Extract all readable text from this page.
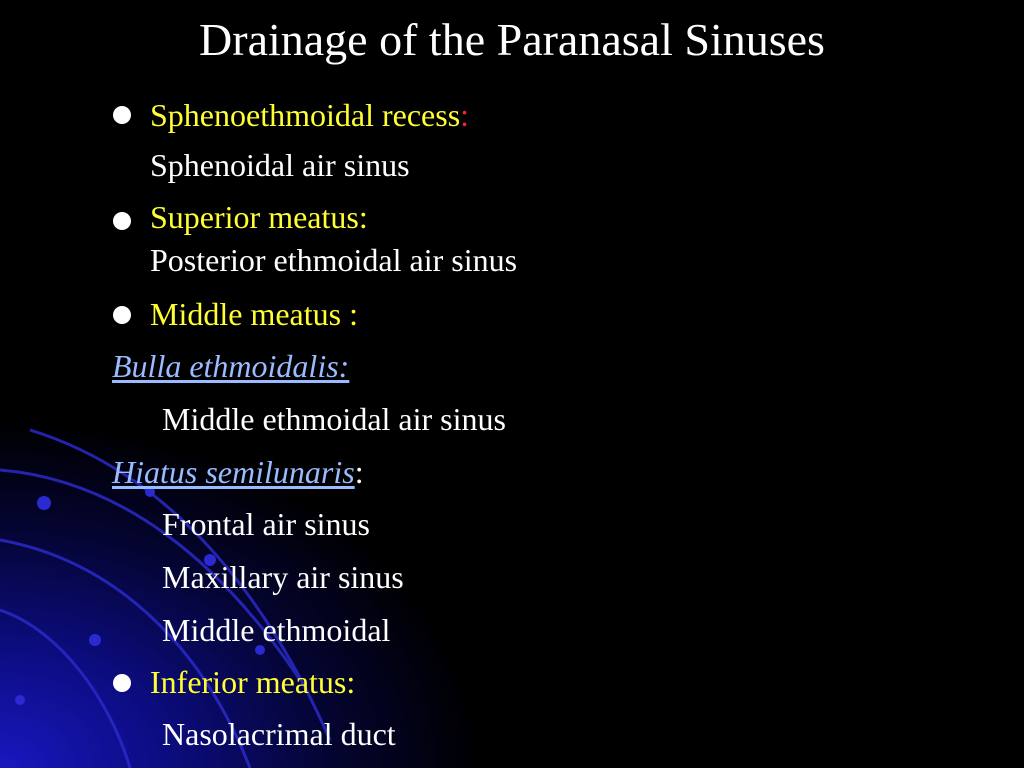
Drainage of the Paranasal Sinuses
Sphenoethmoidal recess:
Sphenoidal air sinus
Superior meatus:
Posterior ethmoidal air sinus
Middle meatus :
Bulla ethmoidalis:
Middle ethmoidal air sinus
Hiatus semilunaris:
Frontal air sinus
Maxillary air sinus
Middle ethmoidal
Inferior meatus:
Nasolacrimal duct
